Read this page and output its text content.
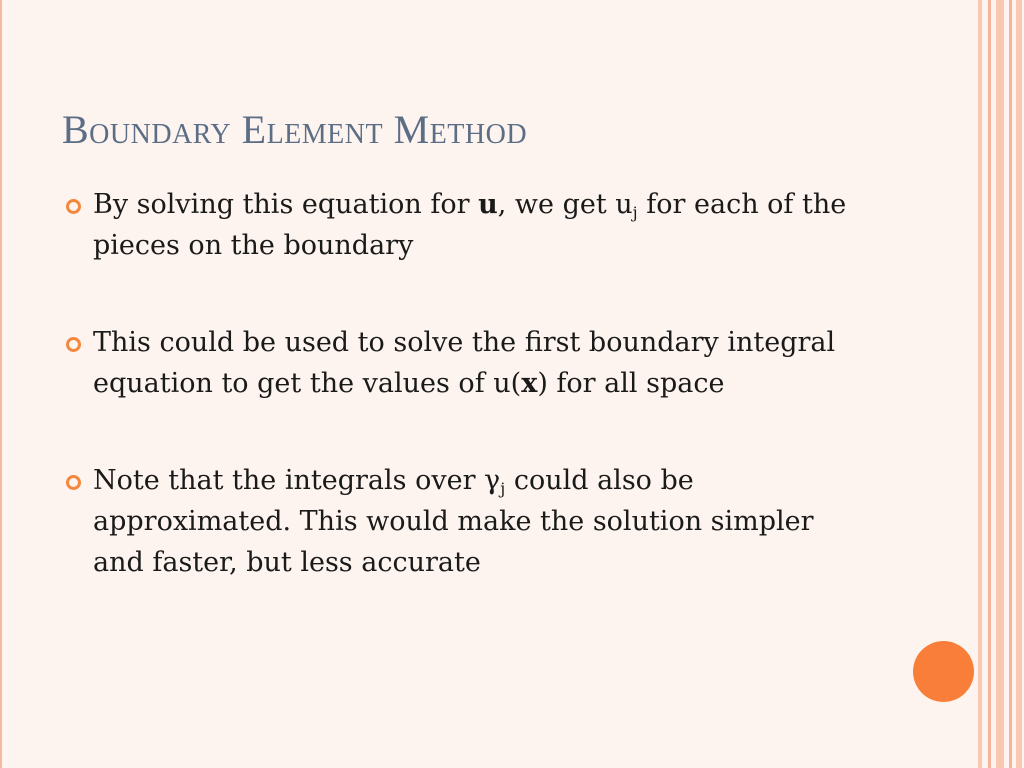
Boundary Element Method
By solving this equation for u, we get $u_j$ for each of the pieces on the boundary
This could be used to solve the first boundary integral equation to get the values of u(x) for all space
Note that the integrals over $\gamma_j$ could also be approximated. This would make the solution simpler and faster, but less accurate
